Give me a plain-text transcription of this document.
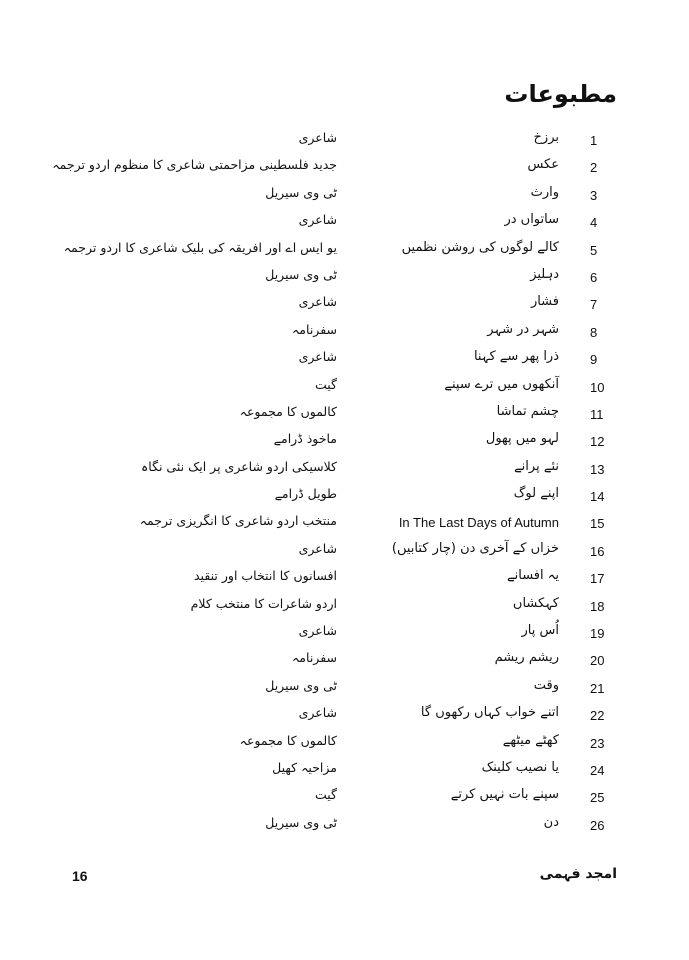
مطبوعات
1
برزخ
شاعری
2
عکس
جدید فلسطینی مزاحمتی شاعری کا منظوم اردو ترجمہ
3
وارث
ٹی وی سیریل
4
ساتواں در
شاعری
5
کالے لوگوں کی روشن نظمیں
یو ایس اے اور افریقہ کی بلیک شاعری کا اردو ترجمہ
6
دہلیز
ٹی وی سیریل
7
فشار
شاعری
8
شہر در شہر
سفرنامہ
9
ذرا پھر سے کہنا
شاعری
10
آنکھوں میں ترے سپنے
گیت
11
چشم تماشا
کالموں کا مجموعہ
12
لہو میں پھول
ماخوذ ڈرامے
13
نئے پرانے
کلاسیکی اردو شاعری پر ایک نئی نگاہ
14
اپنے لوگ
طویل ڈرامے
15
In The Last Days of Autumn
منتخب اردو شاعری کا انگریزی ترجمہ
16
خزاں کے آخری دن (چار کتابیں)
شاعری
17
یہ افسانے
افسانوں کا انتخاب اور تنقید
18
کہکشاں
اردو شاعرات کا منتخب کلام
19
اُس پار
شاعری
20
ریشم ریشم
سفرنامہ
21
وقت
ٹی وی سیریل
22
اتنے خواب کہاں رکھوں گا
شاعری
23
کھٹے میٹھے
کالموں کا مجموعہ
24
یا نصیب کلینک
مزاحیہ کھیل
25
سپنے بات نہیں کرتے
گیت
26
دن
ٹی وی سیریل
16	امجد فہمی
